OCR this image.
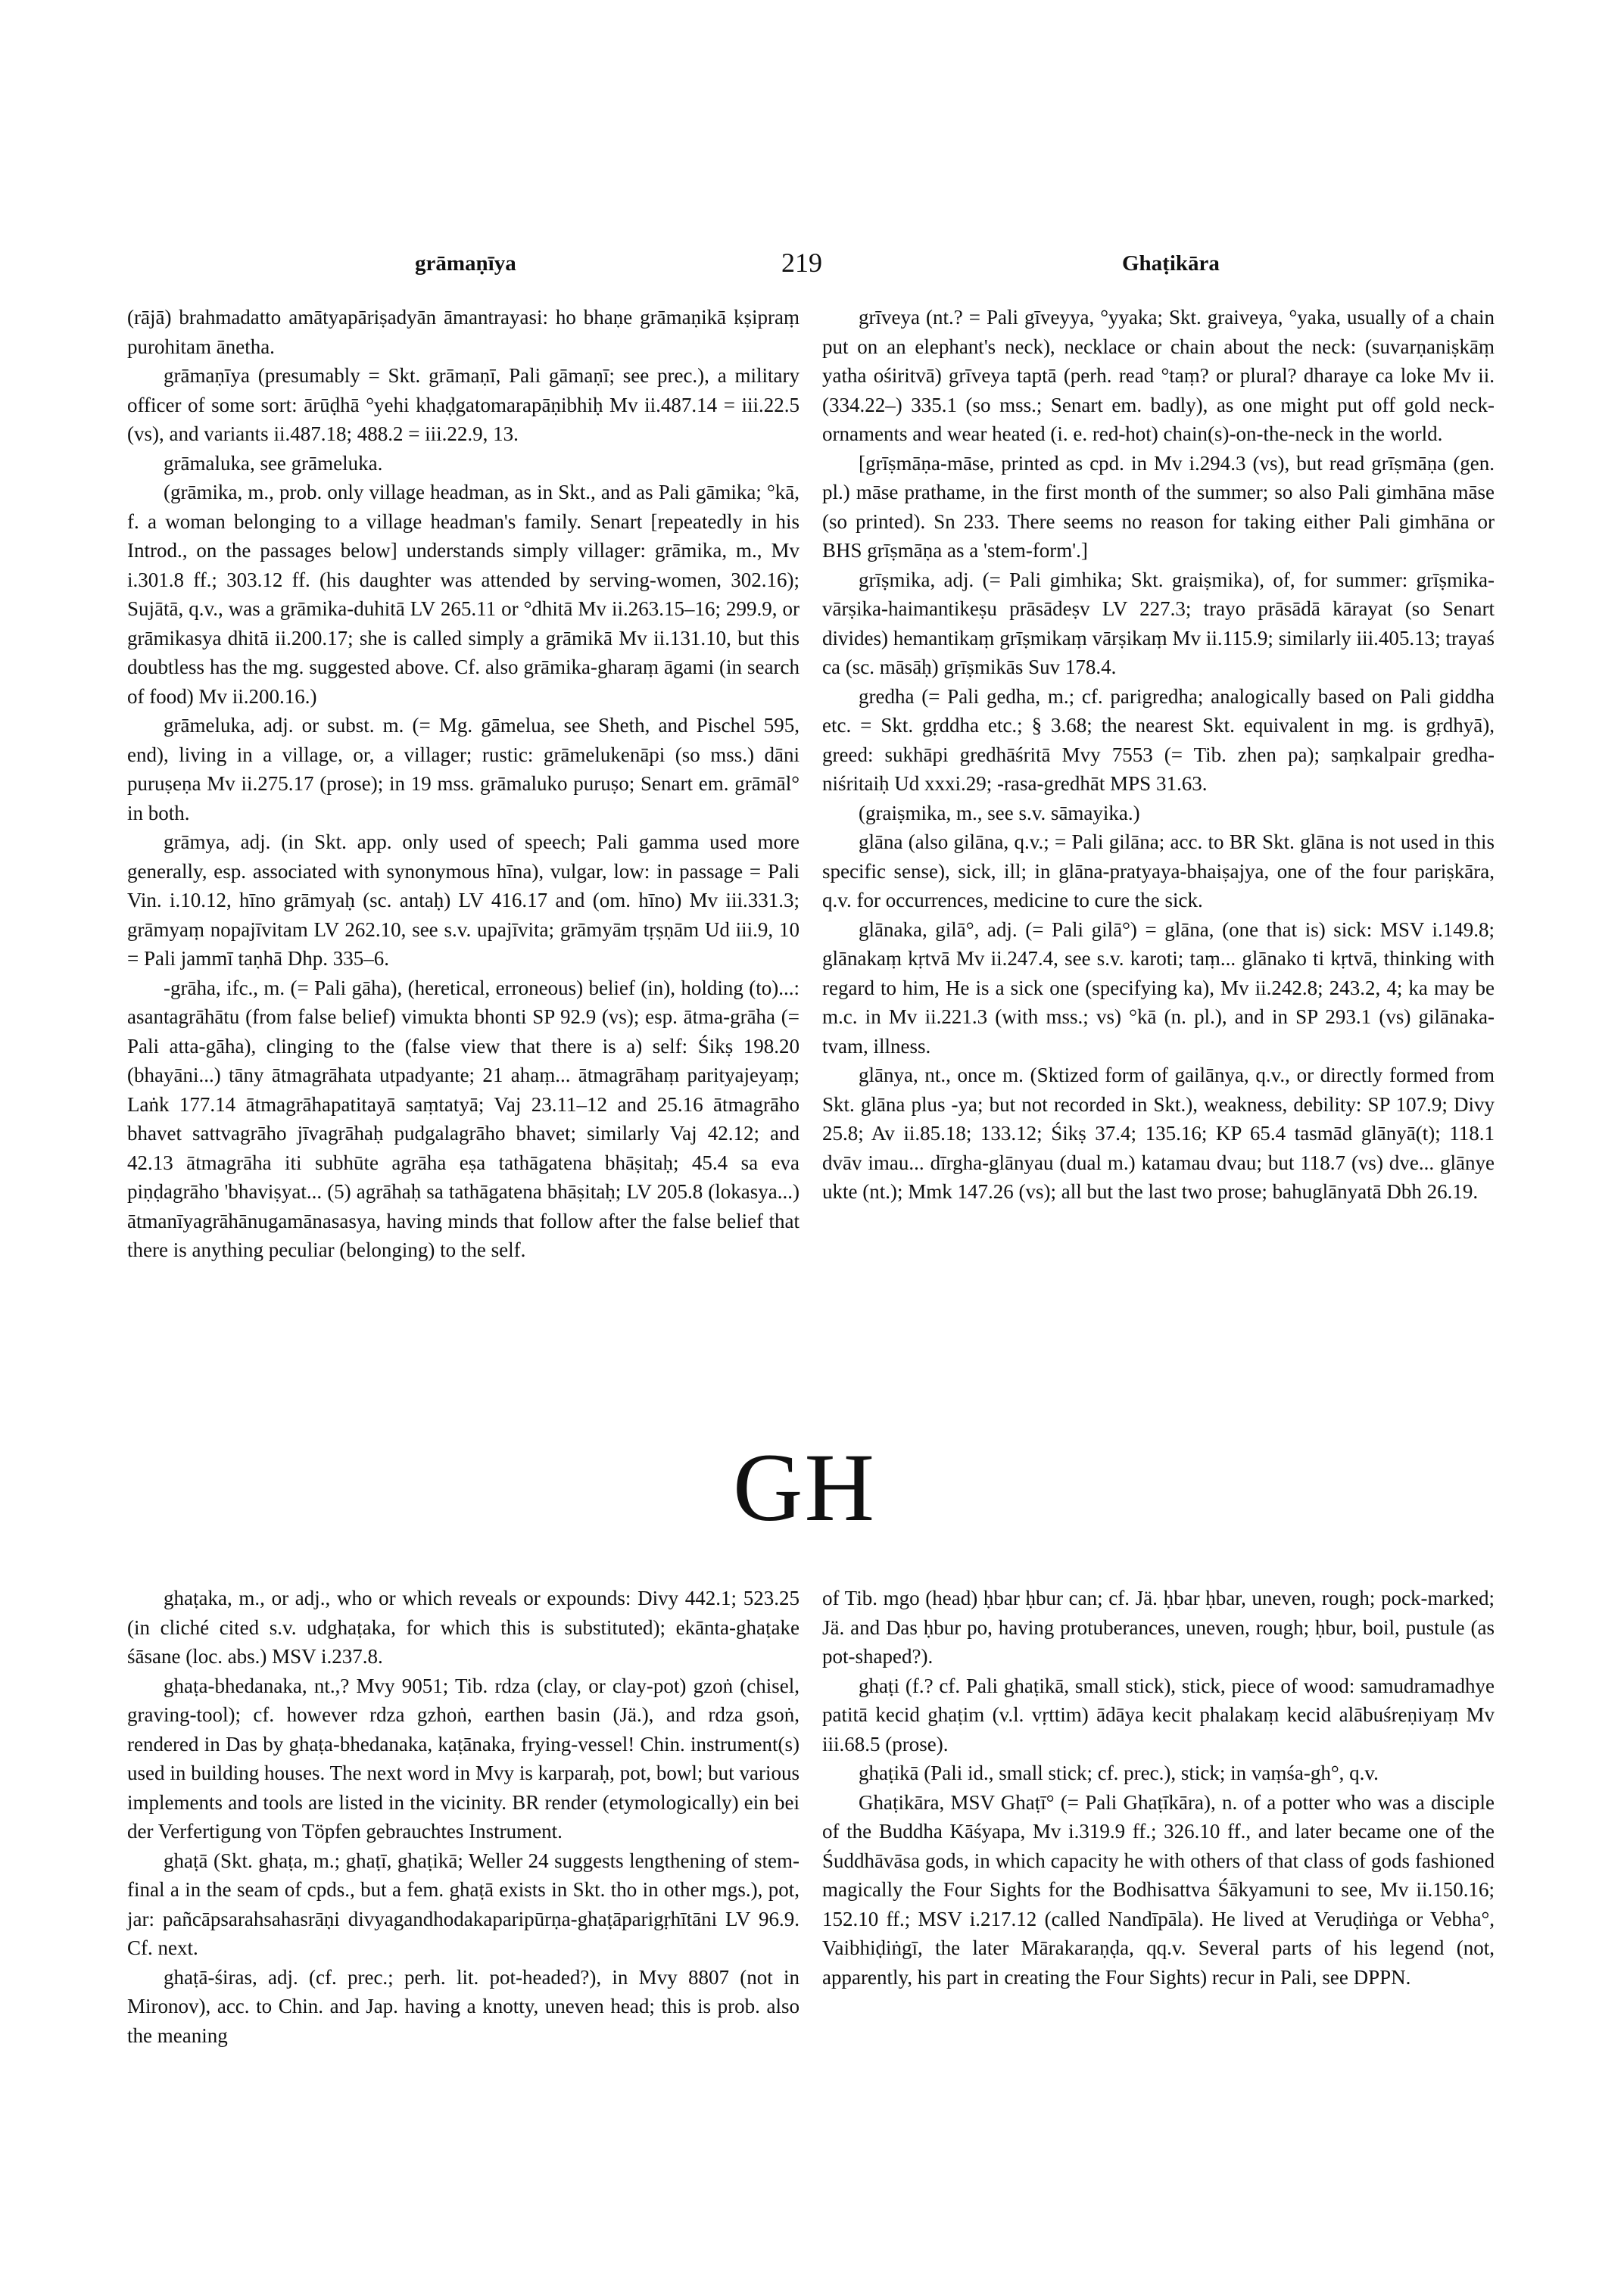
grāmaṇīya	219	Ghaṭikāra

(rājā) brahmadatto amātyapāriṣadyān āmantrayasi: ho bhaṇe grāmaṇikā kṣipraṃ purohitam ānetha.

grāmaṇīya (presumably = Skt. grāmaṇī, Pali gāmaṇī; see prec.), a military officer of some sort: ārūḍhā °yehi khaḍgatomarapāṇibhiḥ Mv ii.487.14 = iii.22.5 (vs), and variants ii.487.18; 488.2 = iii.22.9, 13.

grāmaluka, see grāmeluka.

(grāmika, m., prob. only village headman, as in Skt., and as Pali gāmika; °kā, f. a woman belonging to a village headman's family. Senart [repeatedly in his Introd., on the passages below] understands simply villager: grāmika, m., Mv i.301.8 ff.; 303.12 ff. (his daughter was attended by serving-women, 302.16); Sujātā, q.v., was a grāmika-duhitā LV 265.11 or °dhitā Mv ii.263.15–16; 299.9, or grāmikasya dhitā ii.200.17; she is called simply a grāmikā Mv ii.131.10, but this doubtless has the mg. suggested above. Cf. also grāmika-gharaṃ āgami (in search of food) Mv ii.200.16.)

grāmeluka, adj. or subst. m. (= Mg. gāmelua, see Sheth, and Pischel 595, end), living in a village, or, a villager; rustic: grāmelukenāpi (so mss.) dāni puruṣeṇa Mv ii.275.17 (prose); in 19 mss. grāmaluko puruṣo; Senart em. grāmāl° in both.

grāmya, adj. (in Skt. app. only used of speech; Pali gamma used more generally, esp. associated with synonymous hīna), vulgar, low: in passage = Pali Vin. i.10.12, hīno grāmyaḥ (sc. antaḥ) LV 416.17 and (om. hīno) Mv iii.331.3; grāmyaṃ nopajīvitam LV 262.10, see s.v. upajīvita; grāmyām tṛṣṇām Ud iii.9, 10 = Pali jammī taṇhā Dhp. 335–6.

-grāha, ifc., m. (= Pali gāha), (heretical, erroneous) belief (in), holding (to)...: asantagrāhātu (from false belief) vimukta bhonti SP 92.9 (vs); esp. ātma-grāha (= Pali atta-gāha), clinging to the (false view that there is a) self: Śikṣ 198.20 (bhayāni...) tāny ātmagrāhata utpadyante; 21 ahaṃ... ātmagrāhaṃ parityajeyaṃ; Laṅk 177.14 ātmagrāhapatitayā saṃtatyā; Vaj 23.11–12 and 25.16 ātmagrāho bhavet sattvagrāho jīvagrāhaḥ pudgalagrāho bhavet; similarly Vaj 42.12; and 42.13 ātmagrāha iti subhūte agrāha eṣa tathāgatena bhāṣitaḥ; 45.4 sa eva piṇḍagrāho 'bhaviṣyat... (5) agrāhaḥ sa tathāgatena bhāṣitaḥ; LV 205.8 (lokasya...) ātmanīyagrāhānugamānasasya, having minds that follow after the false belief that there is anything peculiar (belonging) to the self.

grīveya (nt.? = Pali gīveyya, °yyaka; Skt. graiveya, °yaka, usually of a chain put on an elephant's neck), necklace or chain about the neck: (suvarṇaniṣkāṃ yatha ośiritvā) grīveya taptā (perh. read °taṃ? or plural? dharaye ca loke Mv ii.(334.22–) 335.1 (so mss.; Senart em. badly), as one might put off gold neck-ornaments and wear heated (i. e. red-hot) chain(s)-on-the-neck in the world.

[grīṣmāṇa-māse, printed as cpd. in Mv i.294.3 (vs), but read grīṣmāṇa (gen. pl.) māse prathame, in the first month of the summer; so also Pali gimhāna māse (so printed). Sn 233. There seems no reason for taking either Pali gimhāna or BHS grīṣmāṇa as a 'stem-form'.]

grīṣmika, adj. (= Pali gimhika; Skt. graiṣmika), of, for summer: grīṣmika-vārṣika-haimantikeṣu prāsādeṣv LV 227.3; trayo prāsādā kārayat (so Senart divides) hemantikaṃ grīṣmikaṃ vārṣikaṃ Mv ii.115.9; similarly iii.405.13; trayaś ca (sc. māsāḥ) grīṣmikās Suv 178.4.

gredha (= Pali gedha, m.; cf. parigredha; analogically based on Pali giddha etc. = Skt. gṛddha etc.; § 3.68; the nearest Skt. equivalent in mg. is gṛdhyā), greed: sukhāpi gredhāśritā Mvy 7553 (= Tib. zhen pa); saṃkalpair gredha-niśritaiḥ Ud xxxi.29; -rasa-gredhāt MPS 31.63.

(graiṣmika, m., see s.v. sāmayika.)

glāna (also gilāna, q.v.; = Pali gilāna; acc. to BR Skt. glāna is not used in this specific sense), sick, ill; in glāna-pratyaya-bhaiṣajya, one of the four pariṣkāra, q.v. for occurrences, medicine to cure the sick.

glānaka, gilā°, adj. (= Pali gilā°) = glāna, (one that is) sick: MSV i.149.8; glānakaṃ kṛtvā Mv ii.247.4, see s.v. karoti; taṃ... glānako ti kṛtvā, thinking with regard to him, He is a sick one (specifying ka), Mv ii.242.8; 243.2, 4; ka may be m.c. in Mv ii.221.3 (with mss.; vs) °kā (n. pl.), and in SP 293.1 (vs) gilānaka-tvam, illness.

glānya, nt., once m. (Sktized form of gailānya, q.v., or directly formed from Skt. glāna plus -ya; but not recorded in Skt.), weakness, debility: SP 107.9; Divy 25.8; Av ii.85.18; 133.12; Śikṣ 37.4; 135.16; KP 65.4 tasmād glānyā(t); 118.1 dvāv imau... dīrgha-glānyau (dual m.) katamau dvau; but 118.7 (vs) dve... glānye ukte (nt.); Mmk 147.26 (vs); all but the last two prose; bahuglānyatā Dbh 26.19.

GH

ghaṭaka, m., or adj., who or which reveals or expounds: Divy 442.1; 523.25 (in cliché cited s.v. udghaṭaka, for which this is substituted); ekānta-ghaṭake śāsane (loc. abs.) MSV i.237.8.

ghaṭa-bhedanaka, nt.,? Mvy 9051; Tib. rdza (clay, or clay-pot) gzoṅ (chisel, graving-tool); cf. however rdza gzhoṅ, earthen basin (Jä.), and rdza gsoṅ, rendered in Das by ghaṭa-bhedanaka, kaṭānaka, frying-vessel! Chin. instrument(s) used in building houses. The next word in Mvy is karparaḥ, pot, bowl; but various implements and tools are listed in the vicinity. BR render (etymologically) ein bei der Verfertigung von Töpfen gebrauchtes Instrument.

ghaṭā (Skt. ghaṭa, m.; ghaṭī, ghaṭikā; Weller 24 suggests lengthening of stem-final a in the seam of cpds., but a fem. ghaṭā exists in Skt. tho in other mgs.), pot, jar: pañcāpsarahsahasrāṇi divyagandhodakaparipūrṇa-ghaṭāparigṛhītāni LV 96.9. Cf. next.

ghaṭā-śiras, adj. (cf. prec.; perh. lit. pot-headed?), in Mvy 8807 (not in Mironov), acc. to Chin. and Jap. having a knotty, uneven head; this is prob. also the meaning

of Tib. mgo (head) ḥbar ḥbur can; cf. Jä. ḥbar ḥbar, uneven, rough; pock-marked; Jä. and Das ḥbur po, having protuberances, uneven, rough; ḥbur, boil, pustule (as pot-shaped?).

ghaṭi (f.? cf. Pali ghaṭikā, small stick), stick, piece of wood: samudramadhye patitā kecid ghaṭim (v.l. vṛttim) ādāya kecit phalakaṃ kecid alābuśreṇiyaṃ Mv iii.68.5 (prose).

ghaṭikā (Pali id., small stick; cf. prec.), stick; in vaṃśa-gh°, q.v.

Ghaṭikāra, MSV Ghaṭī° (= Pali Ghaṭīkāra), n. of a potter who was a disciple of the Buddha Kāśyapa, Mv i.319.9 ff.; 326.10 ff., and later became one of the Śuddhāvāsa gods, in which capacity he with others of that class of gods fashioned magically the Four Sights for the Bodhisattva Śākyamuni to see, Mv ii.150.16; 152.10 ff.; MSV i.217.12 (called Nandīpāla). He lived at Veruḍiṅga or Vebha°, Vaibhiḍiṅgī, the later Mārakaraṇḍa, qq.v. Several parts of his legend (not, apparently, his part in creating the Four Sights) recur in Pali, see DPPN.
